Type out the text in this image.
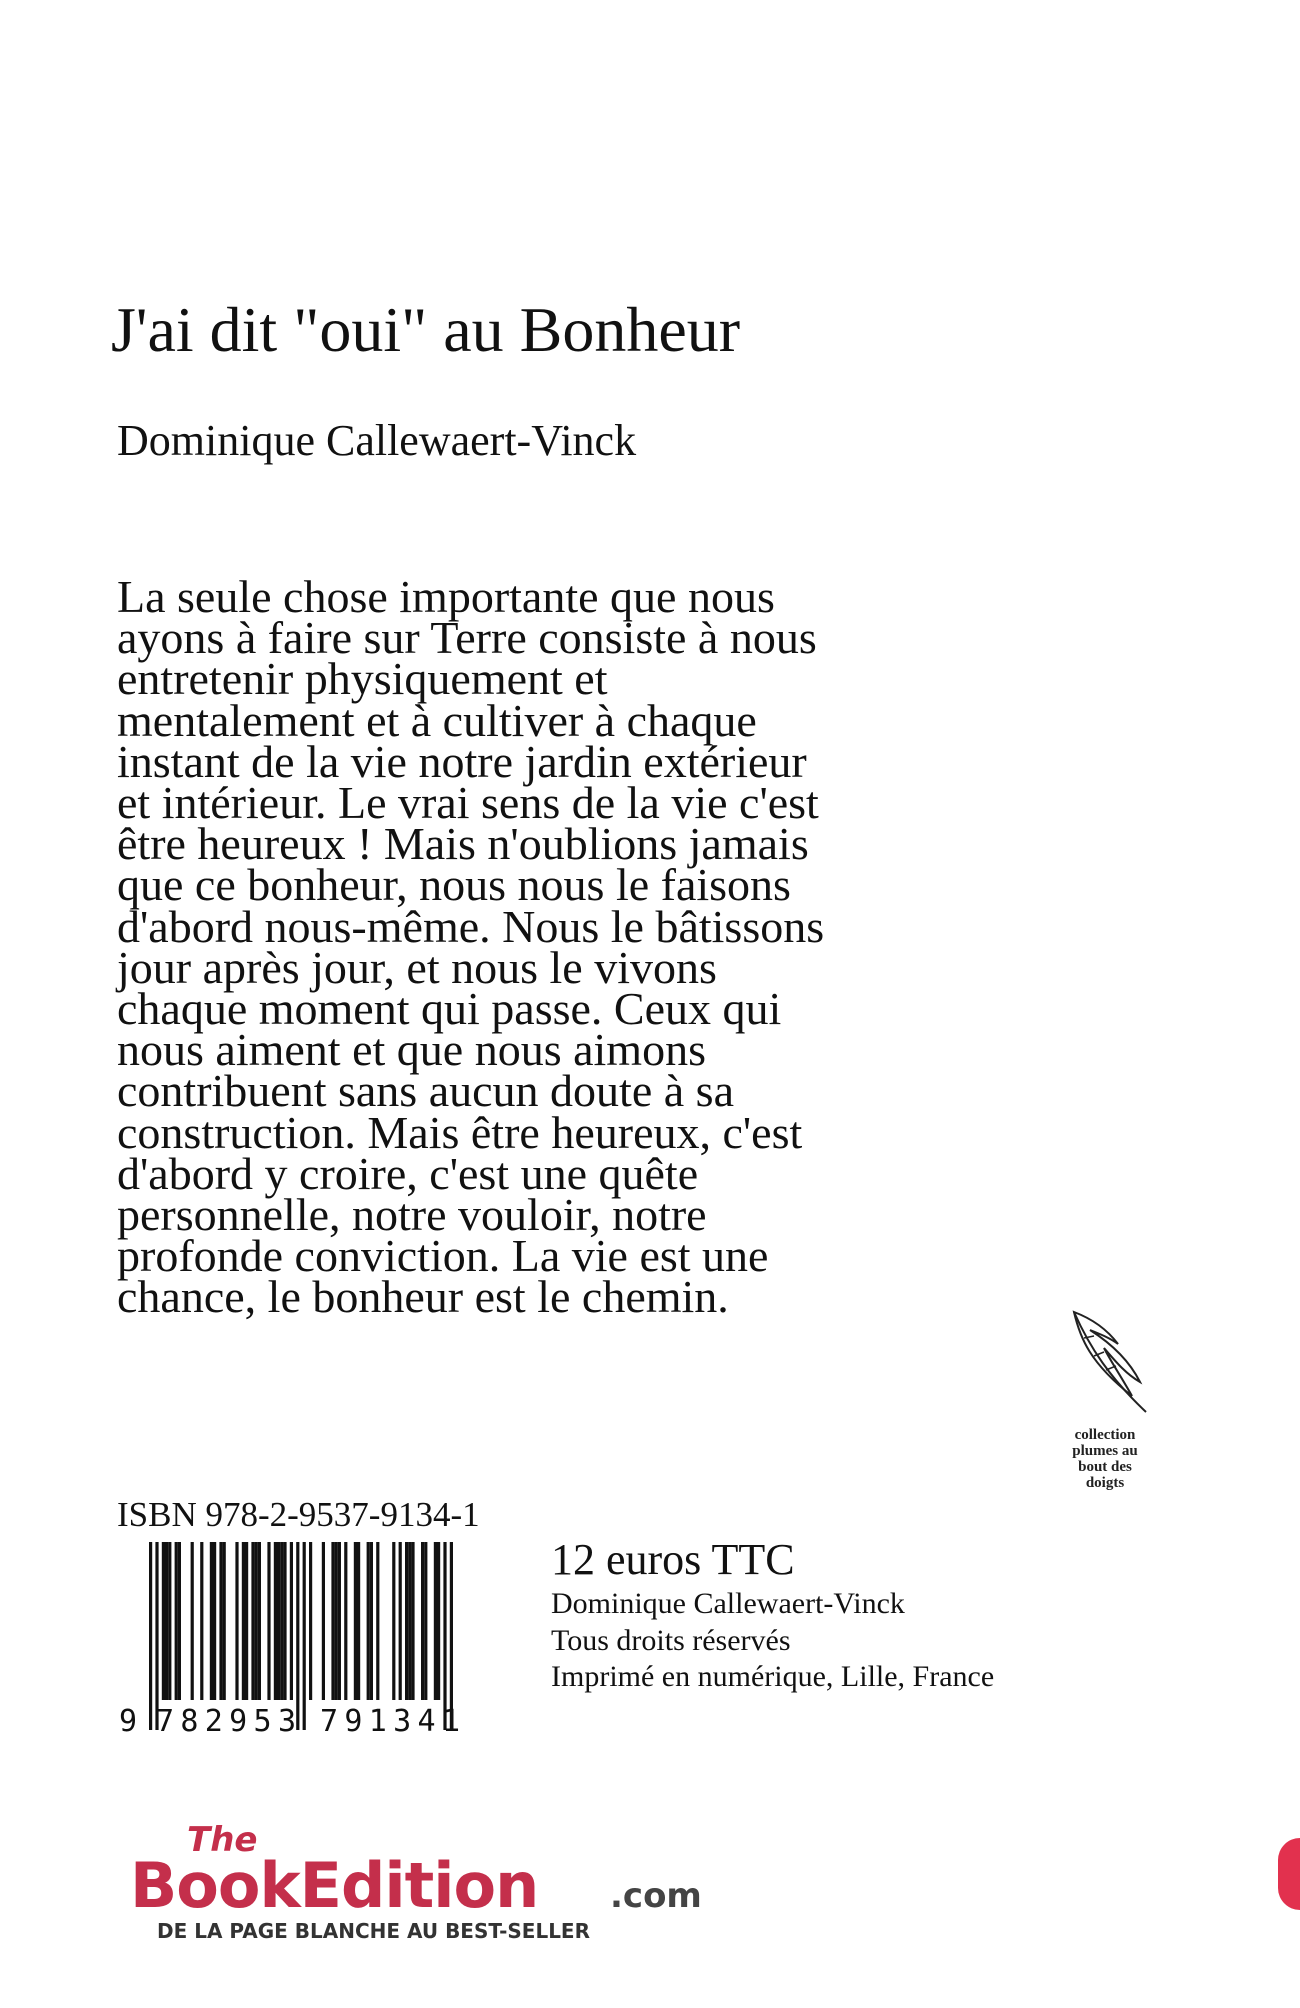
J'ai dit "oui" au Bonheur
Dominique Callewaert-Vinck
La seule chose importante que nous
ayons à faire sur Terre consiste à nous
entretenir physiquement et
mentalement et à cultiver à chaque
instant de la vie notre jardin extérieur
et intérieur. Le vrai sens de la vie c'est
être heureux ! Mais n'oublions jamais
que ce bonheur, nous nous le faisons
d'abord nous-même. Nous le bâtissons
jour après jour, et nous le vivons
chaque moment qui passe. Ceux qui
nous aiment et que nous aimons
contribuent sans aucun doute à sa
construction. Mais être heureux, c'est
d'abord y croire, c'est une quête
personnelle, notre vouloir, notre
profonde conviction. La vie est une
chance, le bonheur est le chemin.
ISBN 978-2-9537-9134-1
9 782953 791341
12 euros TTC
Dominique Callewaert-Vinck
Tous droits réservés
Imprimé en numérique, Lille, France
collection
plumes au
bout des
doigts
The
BookEdition .com
DE LA PAGE BLANCHE AU BEST-SELLER
